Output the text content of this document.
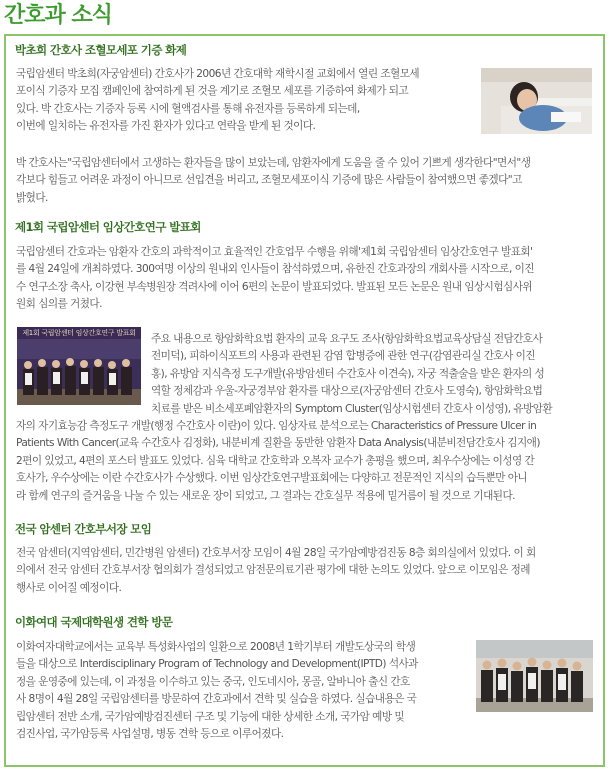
간호과 소식
박초희 간호사 조혈모세포 기증 화제
국립암센터 박초희(자궁암센터) 간호사가 2006년 간호대학 재학시절 교회에서 열린 조혈모세
포이식 기증자 모집 캠페인에 참여하게 된 것을 계기로 조혈모 세포를 기증하여 화제가 되고
있다. 박 간호사는 기증자 등록 시에 혈액검사를 통해 유전자를 등록하게 되는데,
이번에 일치하는 유전자를 가진 환자가 있다고 연락을 받게 된 것이다.
박 간호사는"국립암센터에서 고생하는 환자들을 많이 보았는데, 암환자에게 도움을 줄 수 있어 기쁘게 생각한다"면서"생
각보다 힘들고 어려운 과정이 아니므로 선입견을 버리고, 조혈모세포이식 기증에 많은 사람들이 참여했으면 좋겠다"고
밝혔다.
제1회 국립암센터 임상간호연구 발표회
국립암센터 간호과는 암환자 간호의 과학적이고 효율적인 간호업무 수행을 위해'제1회 국립암센터 임상간호연구 발표회'
를 4월 24일에 개최하였다. 300여명 이상의 원내외 인사들이 참석하였으며, 유한진 간호과장의 개회사를 시작으로, 이진
수 연구소장 축사, 이강현 부속병원장 격려사에 이어 6편의 논문이 발표되었다. 발표된 모든 논문은 원내 임상시험심사위
원회 심의를 거쳤다.
제1회 국립암센터 임상간호연구 발표회	주요 내용으로 항암화학요법 환자의 교육 요구도 조사(항암화학요법교육상담실 전담간호사
전미덕), 피하이식포트의 사용과 관련된 감염 합병증에 관한 연구(감염관리실 간호사 이진
홍), 유방암 지식측정 도구개발(유방암센터 수간호사 이견숙), 자궁 적출술을 받은 환자의 성
역할 정체감과 우울-자궁경부암 환자를 대상으로(자궁암센터 간호사 도영숙), 항암화학요법
치료를 받은 비소세포폐암환자의 Symptom Cluster(임상시험센터 간호사 이성영), 유방암환
자의 자기효능감 측정도구 개발(행정 수간호사 이란)이 있다. 임상자료 분석으로는 Characteristics of Pressure Ulcer in
Patients With Cancer(교육 수간호사 김정화), 내분비계 질환을 동반한 암환자 Data Analysis(내분비전담간호사 김지애)
2편이 있었고, 4편의 포스터 발표도 있었다. 심육 대학교 간호학과 오복자 교수가 총평을 했으며, 최우수상에는 이성영 간
호사가, 우수상에는 이란 수간호사가 수상했다. 이번 임상간호연구발표회에는 다양하고 전문적인 지식의 습득뿐만 아니
라 함께 연구의 즐거움을 나눌 수 있는 새로운 장이 되었고, 그 결과는 간호실무 적용에 밑거름이 될 것으로 기대된다.
전국 암센터 간호부서장 모임
전국 암센터(지역암센터, 민간병원 암센터) 간호부서장 모임이 4월 28일 국가암예방검진동 8층 회의실에서 있었다. 이 회
의에서 전국 암센터 간호부서장 협의회가 결성되었고 암전문의료기관 평가에 대한 논의도 있었다. 앞으로 이모임은 정례
행사로 이어질 예정이다.
이화여대 국제대학원생 견학 방문
이화여자대학교에서는 교육부 특성화사업의 일환으로 2008년 1학기부터 개발도상국의 학생
들을 대상으로 Interdisciplinary Program of Technology and Development(IPTD) 석사과
정을 운영중에 있는데, 이 과정을 이수하고 있는 중국, 인도네시아, 몽골, 알바니아 출신 간호
사 8명이 4월 28일 국립암센터를 방문하여 간호과에서 견학 및 실습을 하였다. 실습내용은 국
립암센터 전반 소개, 국가암예방검진센터 구조 및 기능에 대한 상세한 소개, 국가암 예방 및
검진사업, 국가암등록 사업설명, 병동 견학 등으로 이루어졌다.
